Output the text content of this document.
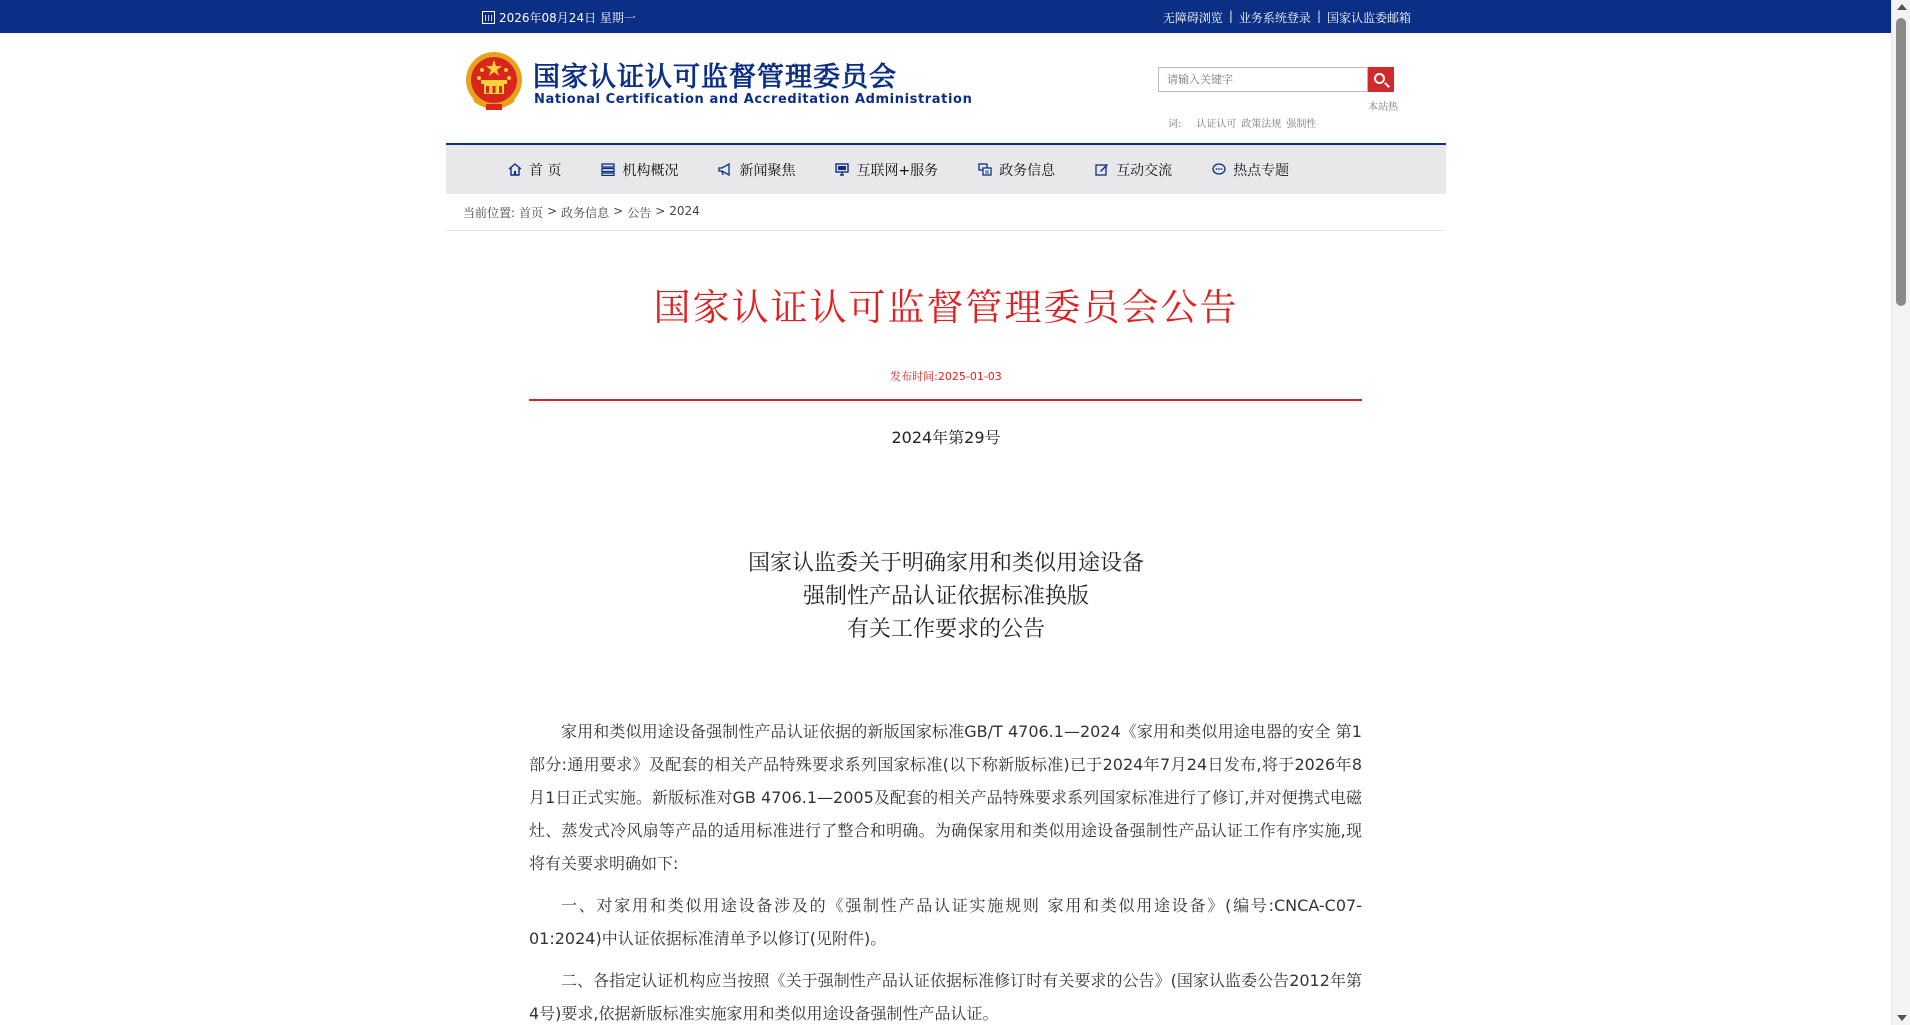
2026年08月24日 星期一	无障碍浏览 | 业务系统登录 | 国家认监委邮箱
国家认证认可监督管理委员会
National Certification and Accreditation Administration
请输入关键字
本站热
词: 认证认可 政策法规 强制性
首 页	机构概况	新闻聚焦	互联网+服务	政务信息	互动交流	热点专题
当前位置: 首页 > 政务信息 > 公告 > 2024
国家认证认可监督管理委员会公告
发布时间:2025-01-03
2024年第29号
国家认监委关于明确家用和类似用途设备
强制性产品认证依据标准换版
有关工作要求的公告

家用和类似用途设备强制性产品认证依据的新版国家标准GB/T 4706.1—2024《家用和类似用途电器的安全 第1部分:通用要求》及配套的相关产品特殊要求系列国家标准(以下称新版标准)已于2024年7月24日发布,将于2026年8月1日正式实施。新版标准对GB 4706.1—2005及配套的相关产品特殊要求系列国家标准进行了修订,并对便携式电磁灶、蒸发式冷风扇等产品的适用标准进行了整合和明确。为确保家用和类似用途设备强制性产品认证工作有序实施,现将有关要求明确如下:

一、对家用和类似用途设备涉及的《强制性产品认证实施规则 家用和类似用途设备》(编号:CNCA-C07-01:2024)中认证依据标准清单予以修订(见附件)。

二、各指定认证机构应当按照《关于强制性产品认证依据标准修订时有关要求的公告》(国家认监委公告2012年第4号)要求,依据新版标准实施家用和类似用途设备强制性产品认证。
